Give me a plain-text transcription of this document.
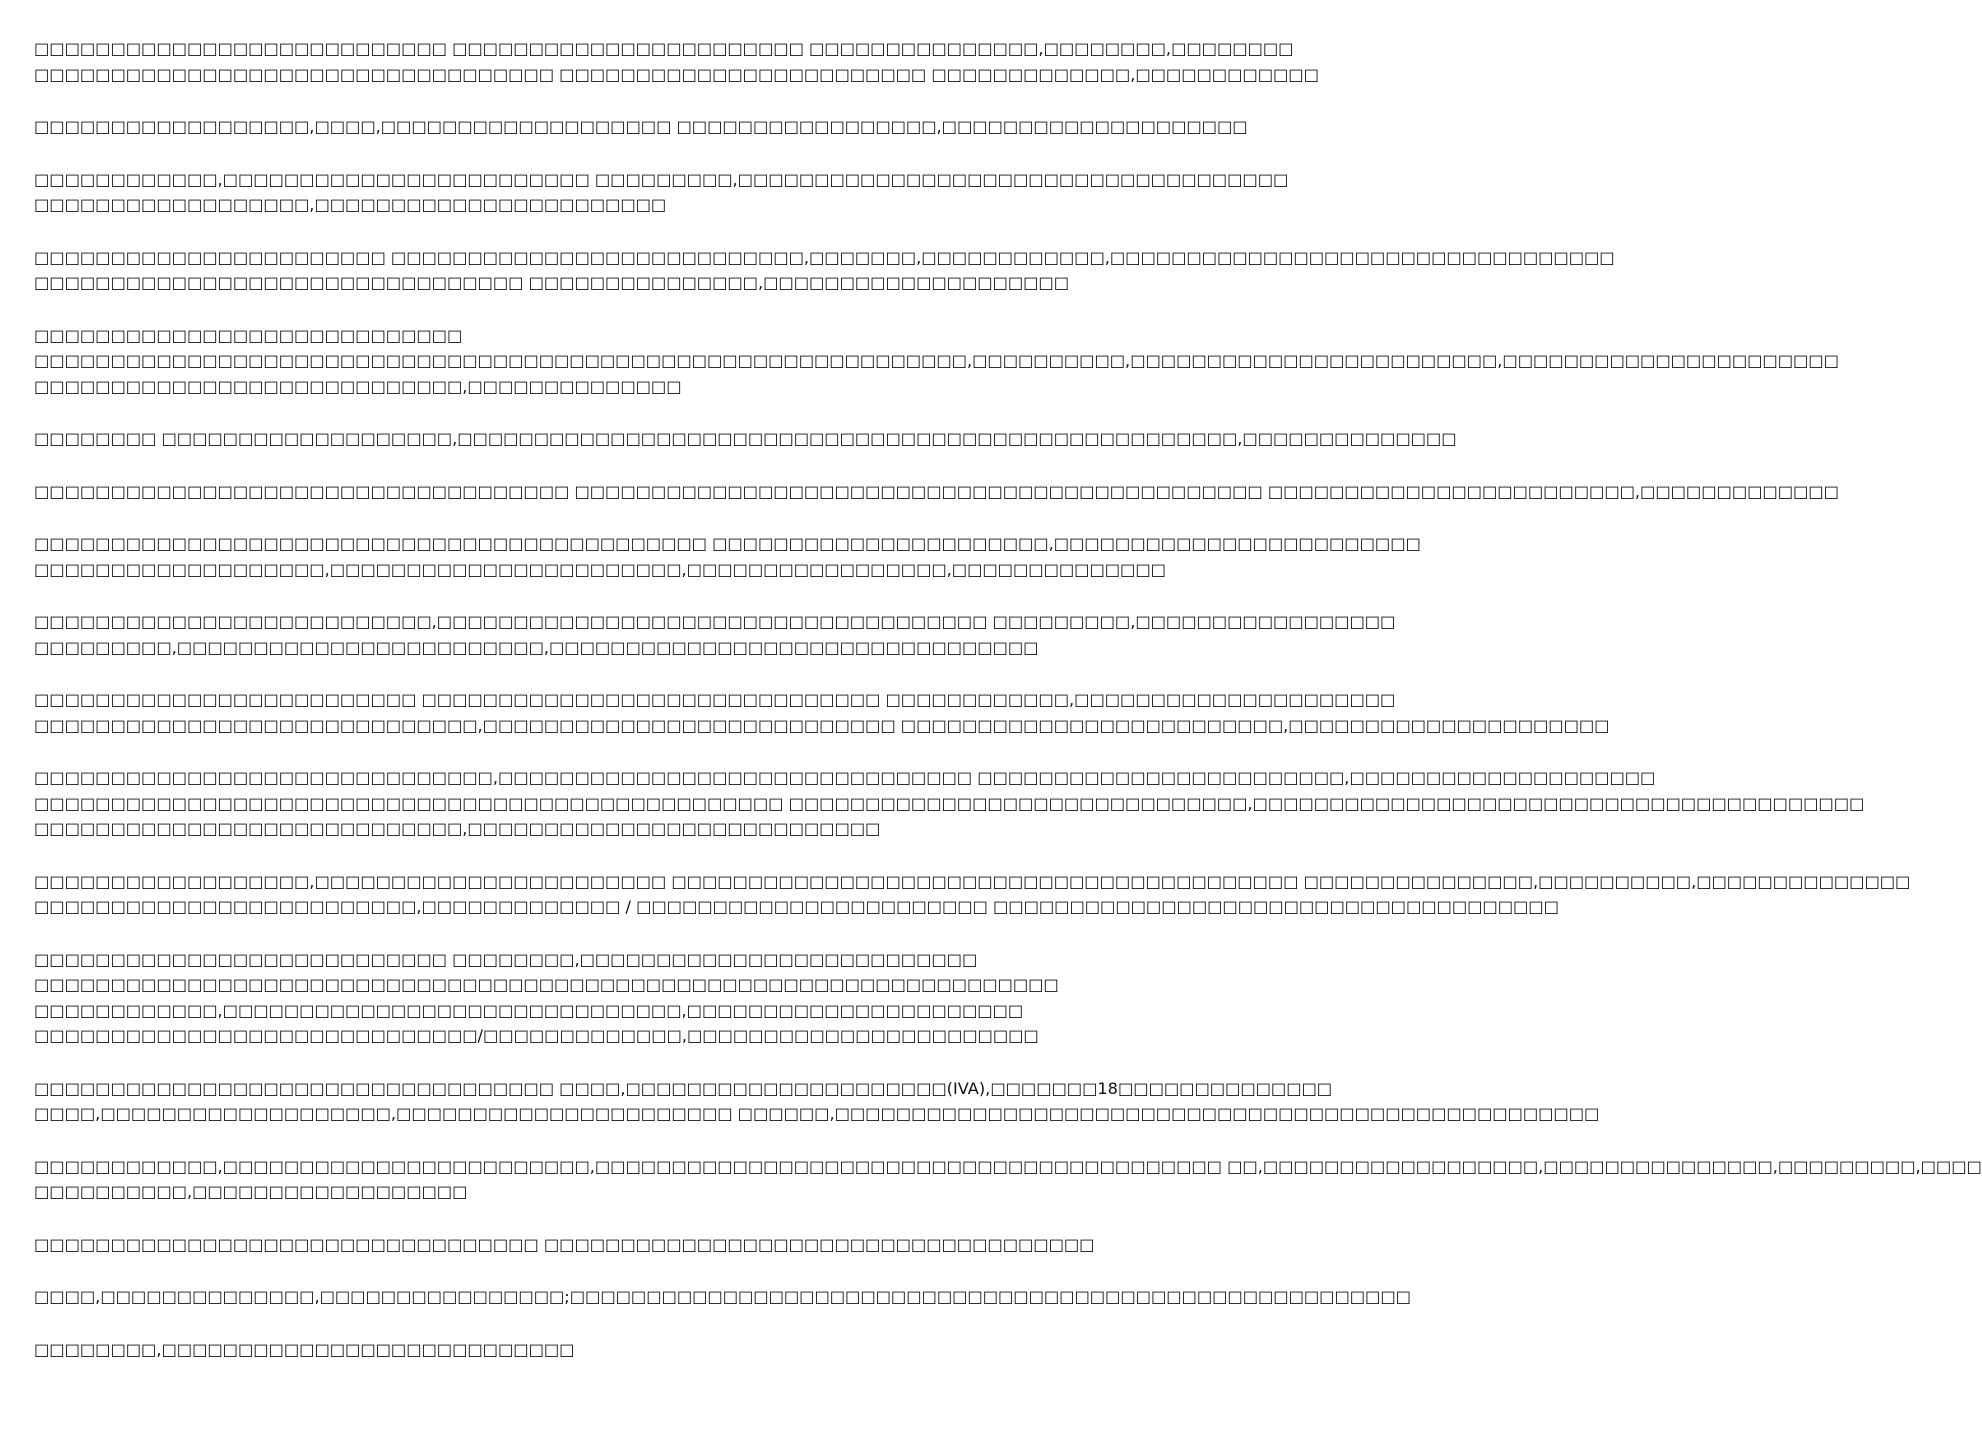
□□□□□□□□□□□□□□□□□□□□□□□□□□□ □□□□□□□□□□□□□□□□□□□□□□□ □□□□□□□□□□□□□□□,□□□□□□□□,□□□□□□□□
□□□□□□□□□□□□□□□□□□□□□□□□□□□□□□□□□□ □□□□□□□□□□□□□□□□□□□□□□□□ □□□□□□□□□□□□□,□□□□□□□□□□□□

□□□□□□□□□□□□□□□□□□,□□□□,□□□□□□□□□□□□□□□□□□□ □□□□□□□□□□□□□□□□□,□□□□□□□□□□□□□□□□□□□□

□□□□□□□□□□□□,□□□□□□□□□□□□□□□□□□□□□□□□ □□□□□□□□□,□□□□□□□□□□□□□□□□□□□□□□□□□□□□□□□□□□□□
□□□□□□□□□□□□□□□□□□,□□□□□□□□□□□□□□□□□□□□□□□

□□□□□□□□□□□□□□□□□□□□□□□ □□□□□□□□□□□□□□□□□□□□□□□□□□□,□□□□□□□,□□□□□□□□□□□□,□□□□□□□□□□□□□□□□□□□□□□□□□□□□□□□□□
□□□□□□□□□□□□□□□□□□□□□□□□□□□□□□□□ □□□□□□□□□□□□□□□,□□□□□□□□□□□□□□□□□□□□

□□□□□□□□□□□□□□□□□□□□□□□□□□□□
□□□□□□□□□□□□□□□□□□□□□□□□□□□□□□□□□□□□□□□□□□□□□□□□□□□□□□□□□□□□□,□□□□□□□□□□,□□□□□□□□□□□□□□□□□□□□□□□□,□□□□□□□□□□□□□□□□□□□□□□
□□□□□□□□□□□□□□□□□□□□□□□□□□□□,□□□□□□□□□□□□□□

□□□□□□□□ □□□□□□□□□□□□□□□□□□□,□□□□□□□□□□□□□□□□□□□□□□□□□□□□□□□□□□□□□□□□□□□□□□□□□□□,□□□□□□□□□□□□□□

□□□□□□□□□□□□□□□□□□□□□□□□□□□□□□□□□□□ □□□□□□□□□□□□□□□□□□□□□□□□□□□□□□□□□□□□□□□□□□□□□ □□□□□□□□□□□□□□□□□□□□□□□□,□□□□□□□□□□□□□

□□□□□□□□□□□□□□□□□□□□□□□□□□□□□□□□□□□□□□□□□□□□ □□□□□□□□□□□□□□□□□□□□□□,□□□□□□□□□□□□□□□□□□□□□□□□
□□□□□□□□□□□□□□□□□□□,□□□□□□□□□□□□□□□□□□□□□□□,□□□□□□□□□□□□□□□□□,□□□□□□□□□□□□□□

□□□□□□□□□□□□□□□□□□□□□□□□□□,□□□□□□□□□□□□□□□□□□□□□□□□□□□□□□□□□□□□ □□□□□□□□□,□□□□□□□□□□□□□□□□□
□□□□□□□□□,□□□□□□□□□□□□□□□□□□□□□□□□,□□□□□□□□□□□□□□□□□□□□□□□□□□□□□□□□

□□□□□□□□□□□□□□□□□□□□□□□□□ □□□□□□□□□□□□□□□□□□□□□□□□□□□□□□ □□□□□□□□□□□□,□□□□□□□□□□□□□□□□□□□□□
□□□□□□□□□□□□□□□□□□□□□□□□□□□□□,□□□□□□□□□□□□□□□□□□□□□□□□□□□ □□□□□□□□□□□□□□□□□□□□□□□□□,□□□□□□□□□□□□□□□□□□□□□

□□□□□□□□□□□□□□□□□□□□□□□□□□□□□□,□□□□□□□□□□□□□□□□□□□□□□□□□□□□□□□ □□□□□□□□□□□□□□□□□□□□□□□□,□□□□□□□□□□□□□□□□□□□□
□□□□□□□□□□□□□□□□□□□□□□□□□□□□□□□□□□□□□□□□□□□□□□□□□ □□□□□□□□□□□□□□□□□□□□□□□□□□□□□□,□□□□□□□□□□□□□□□□□□□□□□□□□□□□□□□□□□□□□□□□
□□□□□□□□□□□□□□□□□□□□□□□□□□□□,□□□□□□□□□□□□□□□□□□□□□□□□□□□

□□□□□□□□□□□□□□□□□□,□□□□□□□□□□□□□□□□□□□□□□□ □□□□□□□□□□□□□□□□□□□□□□□□□□□□□□□□□□□□□□□□□ □□□□□□□□□□□□□□□,□□□□□□□□□□,□□□□□□□□□□□□□□
□□□□□□□□□□□□□□□□□□□□□□□□□,□□□□□□□□□□□□□ / □□□□□□□□□□□□□□□□□□□□□□□ □□□□□□□□□□□□□□□□□□□□□□□□□□□□□□□□□□□□□

□□□□□□□□□□□□□□□□□□□□□□□□□□□ □□□□□□□□,□□□□□□□□□□□□□□□□□□□□□□□□□□
□□□□□□□□□□□□□□□□□□□□□□□□□□□□□□□□□□□□□□□□□□□□□□□□□□□□□□□□□□□□□□□□□□□
□□□□□□□□□□□□,□□□□□□□□□□□□□□□□□□□□□□□□□□□□□□,□□□□□□□□□□□□□□□□□□□□□□
□□□□□□□□□□□□□□□□□□□□□□□□□□□□□/□□□□□□□□□□□□□,□□□□□□□□□□□□□□□□□□□□□□□

□□□□□□□□□□□□□□□□□□□□□□□□□□□□□□□□□□ □□□□,□□□□□□□□□□□□□□□□□□□□□(IVA),□□□□□□□18□□□□□□□□□□□□□□
□□□□,□□□□□□□□□□□□□□□□□□□,□□□□□□□□□□□□□□□□□□□□□□ □□□□□□,□□□□□□□□□□□□□□□□□□□□□□□□□□□□□□□□□□□□□□□□□□□□□□□□□□

□□□□□□□□□□□□,□□□□□□□□□□□□□□□□□□□□□□□□,□□□□□□□□□□□□□□□□□□□□□□□□□□□□□□□□□□□□□□□□□ □□,□□□□□□□□□□□□□□□□□□,□□□□□□□□□□□□□□□,□□□□□□□□□,□□□□
□□□□□□□□□□,□□□□□□□□□□□□□□□□□□

□□□□□□□□□□□□□□□□□□□□□□□□□□□□□□□□□ □□□□□□□□□□□□□□□□□□□□□□□□□□□□□□□□□□□□

□□□□,□□□□□□□□□□□□□□,□□□□□□□□□□□□□□□□;□□□□□□□□□□□□□□□□□□□□□□□□□□□□□□□□□□□□□□□□□□□□□□□□□□□□□□□

□□□□□□□□,□□□□□□□□□□□□□□□□□□□□□□□□□□□
